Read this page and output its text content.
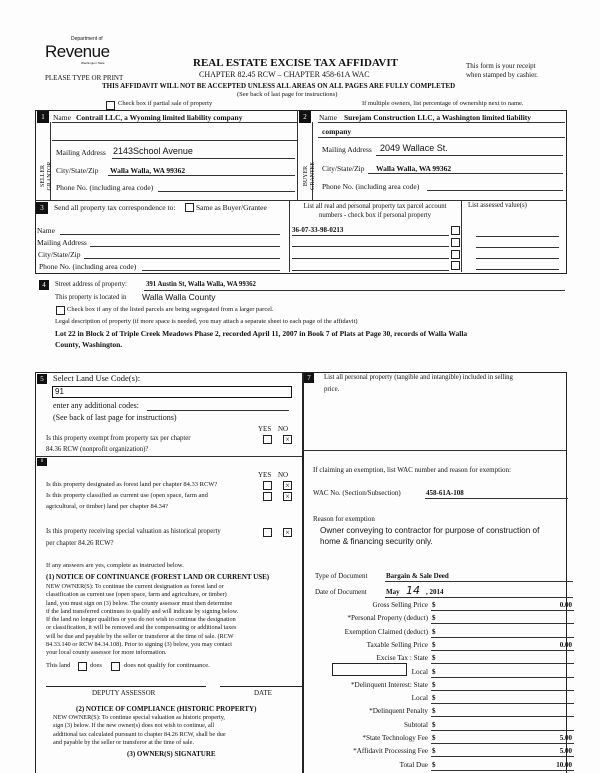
Department of
Revenue
Washington State
PLEASE TYPE OR PRINT
REAL ESTATE EXCISE TAX AFFIDAVIT
CHAPTER 82.45 RCW – CHAPTER 458-61A WAC
THIS AFFIDAVIT WILL NOT BE ACCEPTED UNLESS ALL AREAS ON ALL PAGES ARE FULLY COMPLETED
(See back of last page for instructions)
This form is your receipt
when stamped by cashier.
Check box if partial sale of property	If multiple owners, list percentage of ownership next to name.
1	2
SELLER GRANTOR
Name Contrail LLC, a Wyoming limited liability company
Mailing Address 2143School Avenue
City/State/Zip Walla Walla, WA 99362
Phone No. (including area code)
BUYER GRANTEE
Name Surejam Construction LLC, a Washington limited liability
company
Mailing Address 2049 Wallace St.
City/State/Zip Walla Walla, WA 99362
Phone No. (including area code)
3	Send all property tax correspondence to:	Same as Buyer/Grantee
Name
Mailing Address
City/State/Zip
Phone No. (including area code)
List all real and personal property tax parcel account numbers - check box if personal property
List assessed value(s)
36-07-33-98-0213
4	Street address of property:	391 Austin St, Walla Walla, WA 99362
This property is located in Walla Walla County
Check box if any of the listed parcels are being segregated from a larger parcel.
Legal description of property (if more space is needed, you may attach a separate sheet to each page of the affidavit)
Lot 22 in Block 2 of Triple Creek Meadows Phase 2, recorded April 11, 2007 in Book 7 of Plats at Page 30, records of Walla Walla
County, Washington.
5	Select Land Use Code(s):
91
enter any additional codes:
(See back of last page for instructions)
YES NO
Is this property exempt from property tax per chapter
84.36 RCW (nonprofit organization)?
×
6
YES NO
Is this property designated as forest land per chapter 84.33 RCW?	×
Is this property classified as current use (open space, farm and
agricultural, or timber) land per chapter 84.34?
×
Is this property receiving special valuation as historical property
per chapter 84.26 RCW?
×
If any answers are yes, complete as instructed below.
(1) NOTICE OF CONTINUANCE (FOREST LAND OR CURRENT USE)
NEW OWNER(S): To continue the current designation as forest land or
classification as current use (open space, farm and agriculture, or timber)
land, you must sign on (3) below. The county assessor must then determine
if the land transferred continues to qualify and will indicate by signing below.
If the land no longer qualifies or you do not wish to continue the designation
or classification, it will be removed and the compensating or additional taxes
will be due and payable by the seller or transferor at the time of sale. (RCW
84.33.140 or RCW 84.34.108). Prior to signing (3) below, you may contact
your local county assessor for more information.
This land	does	does not qualify for continuance.
DEPUTY ASSESSOR	DATE
(2) NOTICE OF COMPLIANCE (HISTORIC PROPERTY)
NEW OWNER(S): To continue special valuation as historic property,
sign (3) below. If the new owner(s) does not wish to continue, all
additional tax calculated pursuant to chapter 84.26 RCW, shall be due
and payable by the seller or transferor at the time of sale.
(3) OWNER(S) SIGNATURE
7	List all personal property (tangible and intangible) included in selling
price.
If claiming an exemption, list WAC number and reason for exemption:
WAC No. (Section/Subsection)	458-61A-108
Reason for exemption
Owner conveying to contractor for purpose of construction of
home & financing security only.
Type of Document	Bargain & Sale Deed
Date of Document	May 14 , 2014
Gross Selling Price $	0.00
*Personal Property (deduct) $
Exemption Claimed (deduct) $
Taxable Selling Price $	0.00
Excise Tax : State $
Local $
*Delinquent Interest: State $
Local $
*Delinquent Penalty $
Subtotal $
*State Technology Fee $	5.00
*Affidavit Processing Fee $	5.00
Total Due $	10.00
